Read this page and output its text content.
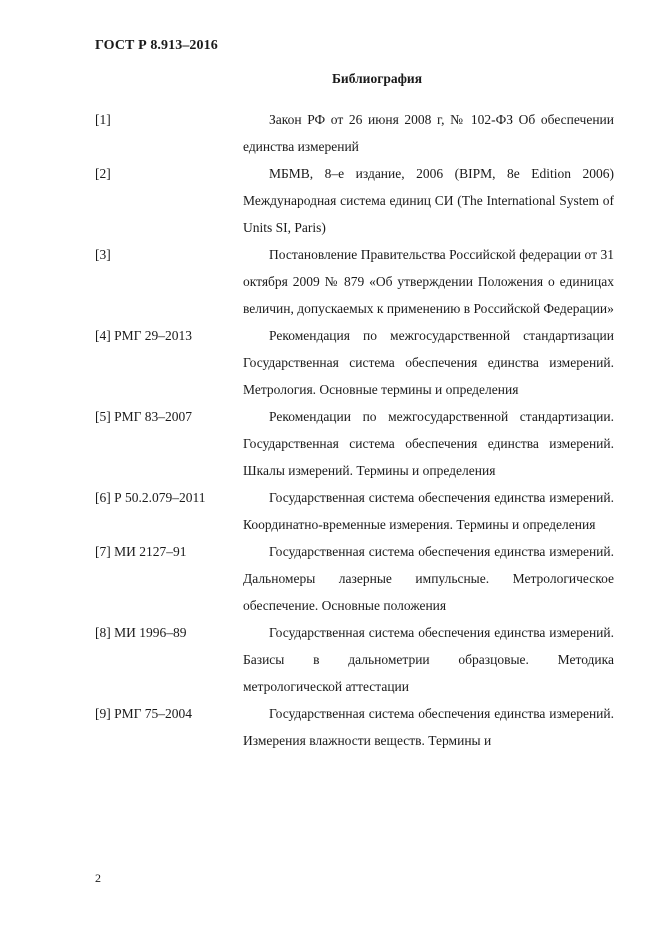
ГОСТ Р 8.913–2016
Библиография
[1]	Закон РФ от 26 июня 2008 г, № 102-ФЗ Об обеспечении единства измерений
[2]	МБМВ, 8–е издание, 2006 (BIPM, 8e Edition 2006) Международная система единиц СИ (The International System of Units SI, Paris)
[3]	Постановление Правительства Российской федерации от 31 октября 2009 № 879 «Об утверждении Положения о единицах величин, допускаемых к применению в Российской Федерации»
[4] РМГ 29–2013	Рекомендация по межгосударственной стандартизации Государственная система обеспечения единства измерений. Метрология. Основные термины и определения
[5] РМГ 83–2007	Рекомендации по межгосударственной стандартизации. Государственная система обеспечения единства измерений. Шкалы измерений. Термины и определения
[6] Р 50.2.079–2011	Государственная система обеспечения единства измерений. Координатно-временные измерения. Термины и определения
[7] МИ 2127–91	Государственная система обеспечения единства измерений. Дальномеры лазерные импульсные. Метрологическое обеспечение. Основные положения
[8] МИ 1996–89	Государственная система обеспечения единства измерений. Базисы в дальнометрии образцовые. Методика метрологической аттестации
[9] РМГ 75–2004	Государственная система обеспечения единства измерений. Измерения влажности веществ. Термины и
2
